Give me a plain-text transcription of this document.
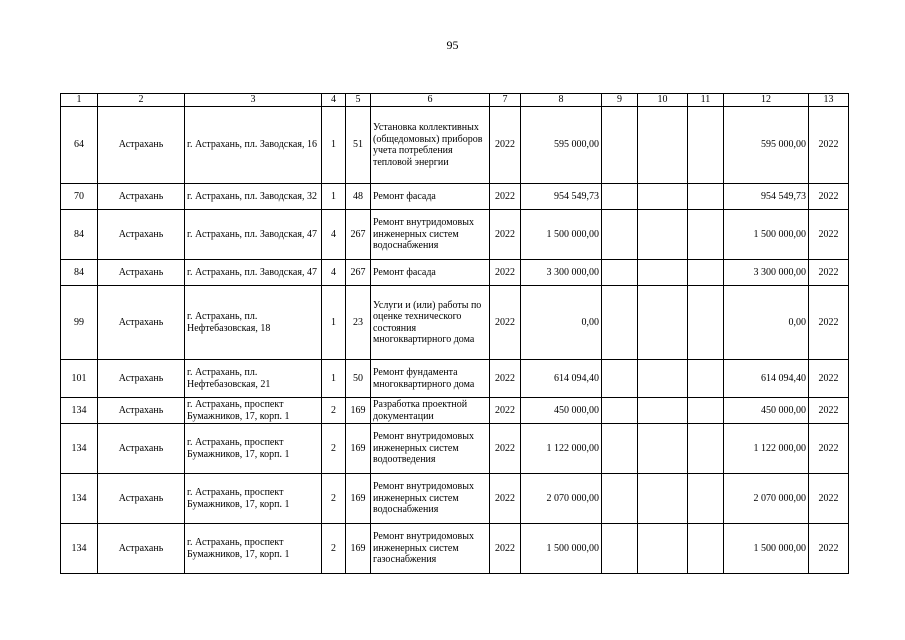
95
1	2	3	4	5	6	7	8	9	10	11	12	13
64	Астрахань	г. Астрахань, пл. Заводская, 16	1	51	Установка коллективных (общедомовых) приборов учета потребления тепловой энергии	2022	595 000,00				595 000,00	2022
70	Астрахань	г. Астрахань, пл. Заводская, 32	1	48	Ремонт фасада	2022	954 549,73				954 549,73	2022
84	Астрахань	г. Астрахань, пл. Заводская, 47	4	267	Ремонт внутридомовых инженерных систем водоснабжения	2022	1 500 000,00				1 500 000,00	2022
84	Астрахань	г. Астрахань, пл. Заводская, 47	4	267	Ремонт фасада	2022	3 300 000,00				3 300 000,00	2022
99	Астрахань	г. Астрахань, пл. Нефтебазовская, 18	1	23	Услуги и (или) работы по оценке технического состояния многоквартирного дома	2022	0,00				0,00	2022
101	Астрахань	г. Астрахань, пл. Нефтебазовская, 21	1	50	Ремонт фундамента многоквартирного дома	2022	614 094,40				614 094,40	2022
134	Астрахань	г. Астрахань, проспект Бумажников, 17, корп. 1	2	169	Разработка проектной документации	2022	450 000,00				450 000,00	2022
134	Астрахань	г. Астрахань, проспект Бумажников, 17, корп. 1	2	169	Ремонт внутридомовых инженерных систем водоотведения	2022	1 122 000,00				1 122 000,00	2022
134	Астрахань	г. Астрахань, проспект Бумажников, 17, корп. 1	2	169	Ремонт внутридомовых инженерных систем водоснабжения	2022	2 070 000,00				2 070 000,00	2022
134	Астрахань	г. Астрахань, проспект Бумажников, 17, корп. 1	2	169	Ремонт внутридомовых инженерных систем газоснабжения	2022	1 500 000,00				1 500 000,00	2022
